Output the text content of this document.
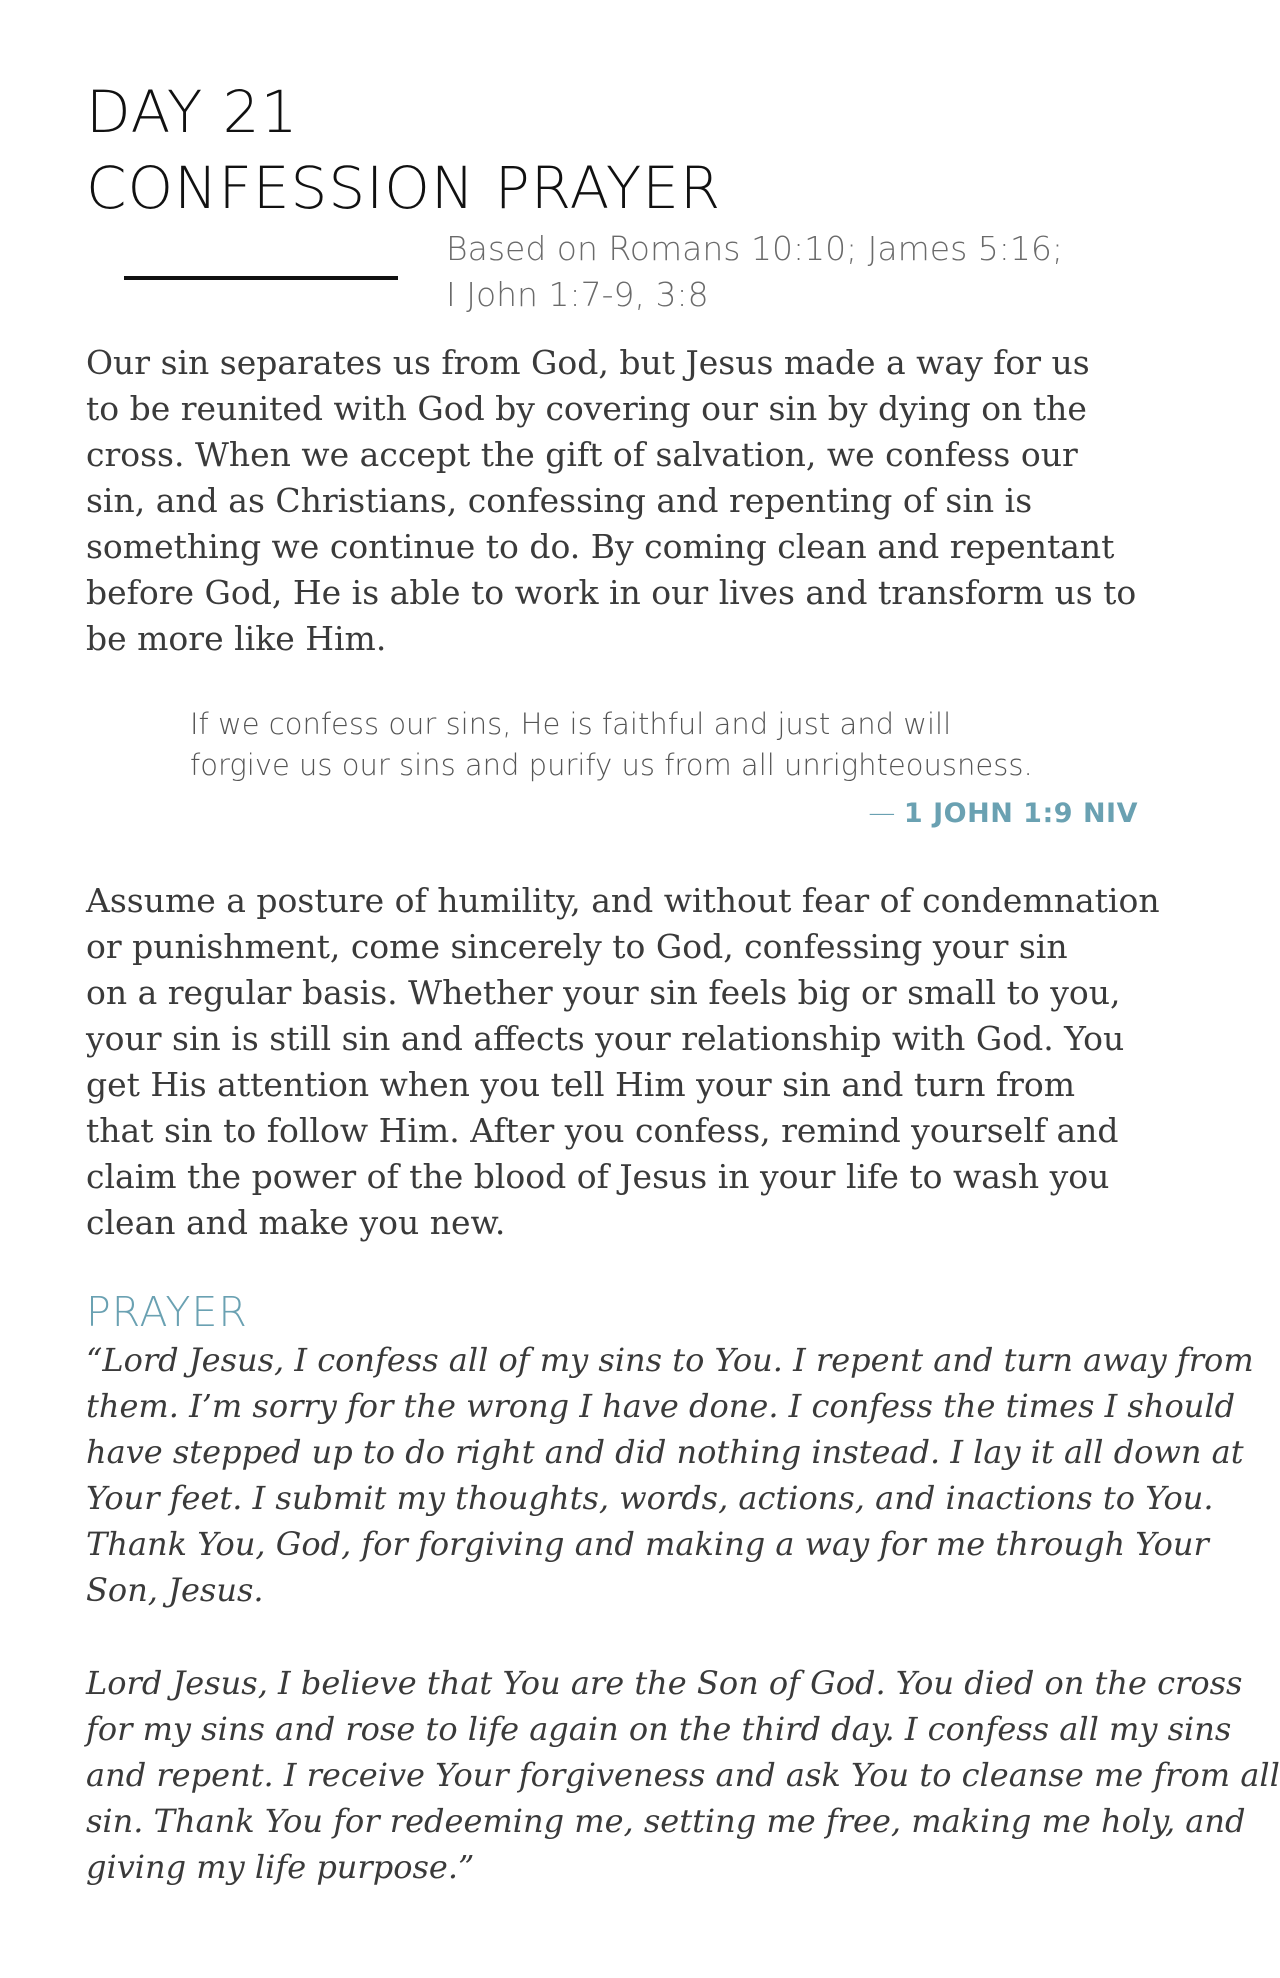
DAY 21
CONFESSION PRAYER
Based on Romans 10:10; James 5:16;
I John 1:7-9, 3:8
Our sin separates us from God, but Jesus made a way for us
to be reunited with God by covering our sin by dying on the
cross. When we accept the gift of salvation, we confess our
sin, and as Christians, confessing and repenting of sin is
something we continue to do. By coming clean and repentant
before God, He is able to work in our lives and transform us to
be more like Him.
If we confess our sins, He is faithful and just and will
forgive us our sins and purify us from all unrighteousness.
— 1 JOHN 1:9 NIV
Assume a posture of humility, and without fear of condemnation
or punishment, come sincerely to God, confessing your sin
on a regular basis. Whether your sin feels big or small to you,
your sin is still sin and affects your relationship with God. You
get His attention when you tell Him your sin and turn from
that sin to follow Him. After you confess, remind yourself and
claim the power of the blood of Jesus in your life to wash you
clean and make you new.
PRAYER
“Lord Jesus, I confess all of my sins to You. I repent and turn away from
them. I’m sorry for the wrong I have done. I confess the times I should
have stepped up to do right and did nothing instead. I lay it all down at
Your feet. I submit my thoughts, words, actions, and inactions to You.
Thank You, God, for forgiving and making a way for me through Your
Son, Jesus.
Lord Jesus, I believe that You are the Son of God. You died on the cross
for my sins and rose to life again on the third day. I confess all my sins
and repent. I receive Your forgiveness and ask You to cleanse me from all
sin. Thank You for redeeming me, setting me free, making me holy, and
giving my life purpose.”
